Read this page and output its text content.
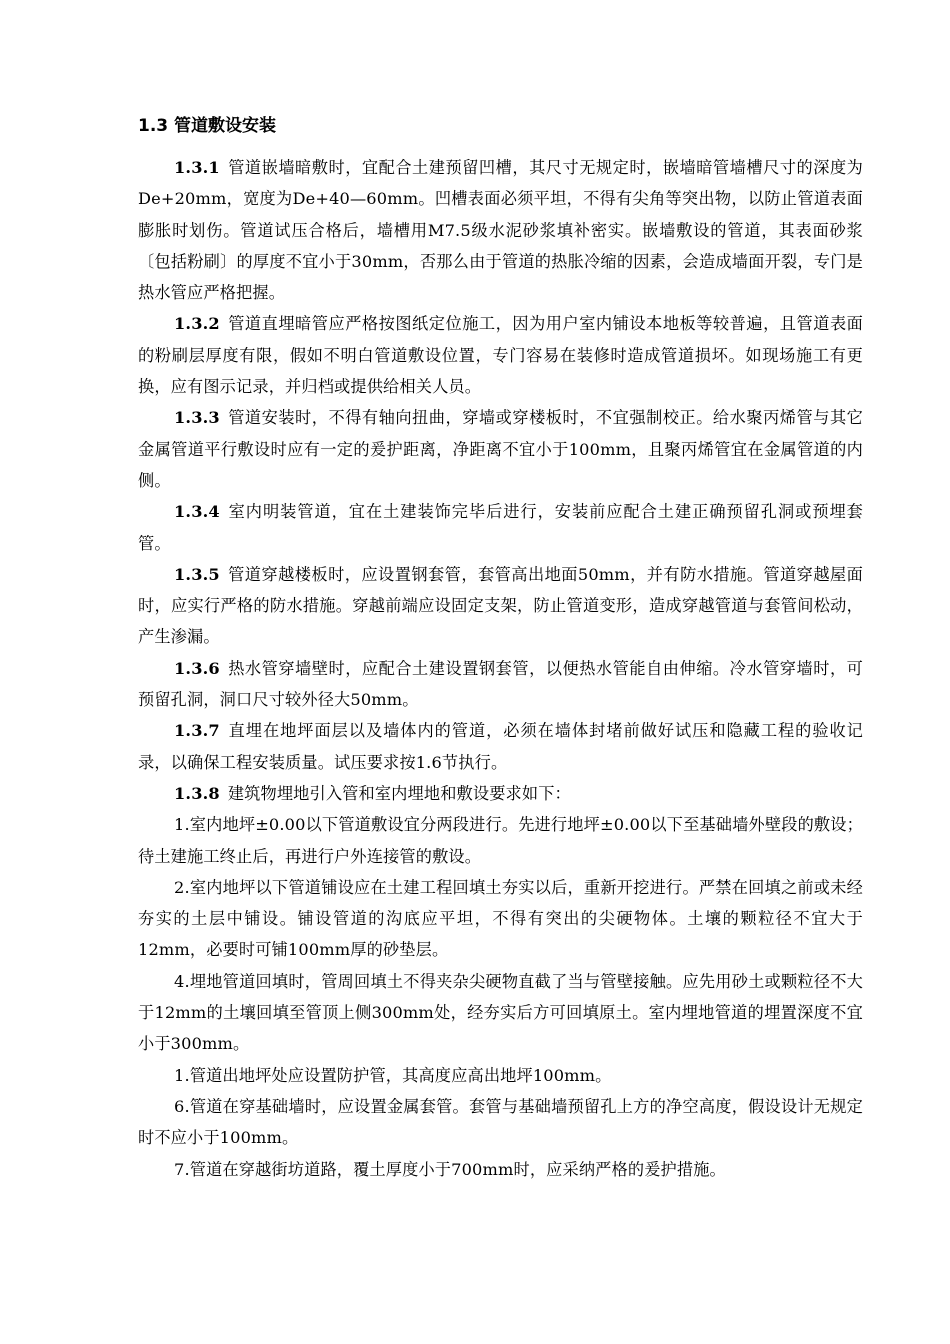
1.3 管道敷设安装

1.3.1 管道嵌墙暗敷时，宜配合土建预留凹槽，其尺寸无规定时，嵌墙暗管墙槽尺寸的深度为De+20mm，宽度为De+40—60mm。凹槽表面必须平坦，不得有尖角等突出物，以防止管道表面膨胀时划伤。管道试压合格后，墙槽用M7.5级水泥砂浆填补密实。嵌墙敷设的管道，其表面砂浆〔包括粉刷〕的厚度不宜小于30mm，否那么由于管道的热胀冷缩的因素，会造成墙面开裂，专门是热水管应严格把握。

1.3.2 管道直埋暗管应严格按图纸定位施工，因为用户室内铺设本地板等较普遍，且管道表面的粉刷层厚度有限，假如不明白管道敷设位置，专门容易在装修时造成管道损坏。如现场施工有更换，应有图示记录，并归档或提供给相关人员。

1.3.3 管道安装时，不得有轴向扭曲，穿墙或穿楼板时，不宜强制校正。给水聚丙烯管与其它金属管道平行敷设时应有一定的爰护距离，净距离不宜小于100mm，且聚丙烯管宜在金属管道的内侧。

1.3.4 室内明装管道，宜在土建装饰完毕后进行，安装前应配合土建正确预留孔洞或预埋套管。

1.3.5 管道穿越楼板时，应设置钢套管，套管高出地面50mm，并有防水措施。管道穿越屋面时，应实行严格的防水措施。穿越前端应设固定支架，防止管道变形，造成穿越管道与套管间松动，产生渗漏。

1.3.6 热水管穿墙壁时，应配合土建设置钢套管，以便热水管能自由伸缩。冷水管穿墙时，可预留孔洞，洞口尺寸较外径大50mm。

1.3.7 直埋在地坪面层以及墙体内的管道，必须在墙体封堵前做好试压和隐藏工程的验收记录，以确保工程安装质量。试压要求按1.6节执行。

1.3.8 建筑物埋地引入管和室内埋地和敷设要求如下：

1.室内地坪±0.00以下管道敷设宜分两段进行。先进行地坪±0.00以下至基础墙外壁段的敷设；待土建施工终止后，再进行户外连接管的敷设。

2.室内地坪以下管道铺设应在土建工程回填土夯实以后，重新开挖进行。严禁在回填之前或未经夯实的土层中铺设。铺设管道的沟底应平坦，不得有突出的尖硬物体。土壤的颗粒径不宜大于12mm，必要时可铺100mm厚的砂垫层。

4.埋地管道回填时，管周回填土不得夹杂尖硬物直截了当与管壁接触。应先用砂土或颗粒径不大于12mm的土壤回填至管顶上侧300mm处，经夯实后方可回填原土。室内埋地管道的埋置深度不宜小于300mm。

1.管道出地坪处应设置防护管，其高度应高出地坪100mm。

6.管道在穿基础墙时，应设置金属套管。套管与基础墙预留孔上方的净空高度，假设设计无规定时不应小于100mm。

7.管道在穿越街坊道路，覆土厚度小于700mm时，应采纳严格的爰护措施。
